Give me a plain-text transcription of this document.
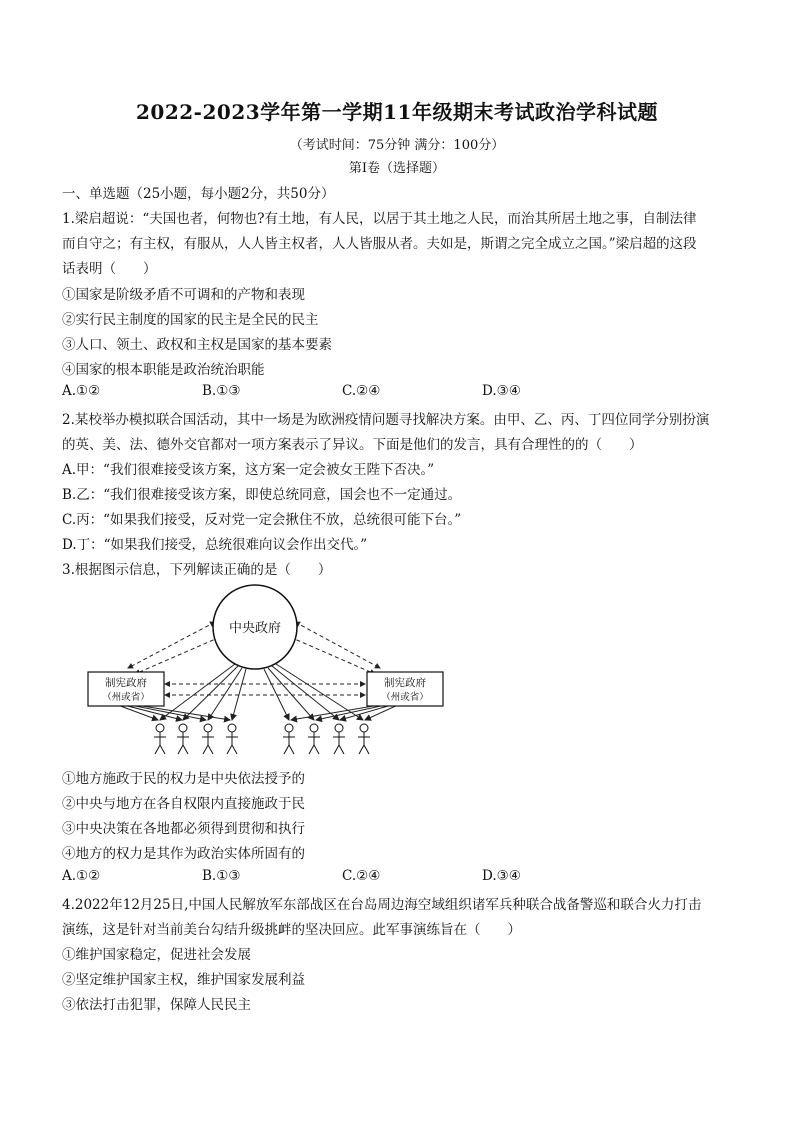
2022-2023学年第一学期11年级期末考试政治学科试题
（考试时间：75分钟 满分：100分）
第Ⅰ卷（选择题）
一、单选题（25小题，每小题2分，共50分）
1.梁启超说：“夫国也者，何物也?有土地，有人民，以居于其土地之人民，而治其所居土地之事，自制法律
而自守之；有主权，有服从，人人皆主权者，人人皆服从者。夫如是，斯谓之完全成立之国。”梁启超的这段
话表明（　　）
①国家是阶级矛盾不可调和的产物和表现
②实行民主制度的国家的民主是全民的民主
③人口、领土、政权和主权是国家的基本要素
④国家的根本职能是政治统治职能
A.①②	B.①③	C.②④	D.③④
2.某校举办模拟联合国活动，其中一场是为欧洲疫情问题寻找解决方案。由甲、乙、丙、丁四位同学分别扮演
的英、美、法、德外交官都对一项方案表示了异议。下面是他们的发言，具有合理性的的（　　）
A.甲：“我们很难接受该方案，这方案一定会被女王陛下否决。”
B.乙：“我们很难接受该方案，即使总统同意，国会也不一定通过。
C.丙：“如果我们接受，反对党一定会揪住不放，总统很可能下台。”
D.丁：“如果我们接受，总统很难向议会作出交代。”
3.根据图示信息，下列解读正确的是（　　）
中央政府
制宪政府
（州或省）
制宪政府
（州或省）
①地方施政于民的权力是中央依法授予的
②中央与地方在各自权限内直接施政于民
③中央决策在各地都必须得到贯彻和执行
④地方的权力是其作为政治实体所固有的
A.①②	B.①③	C.②④	D.③④
4.2022年12月25日,中国人民解放军东部战区在台岛周边海空域组织诸军兵种联合战备警巡和联合火力打击
演练，这是针对当前美台勾结升级挑衅的坚决回应。此军事演练旨在（　　）
①维护国家稳定，促进社会发展
②坚定维护国家主权，维护国家发展利益
③依法打击犯罪，保障人民民主
